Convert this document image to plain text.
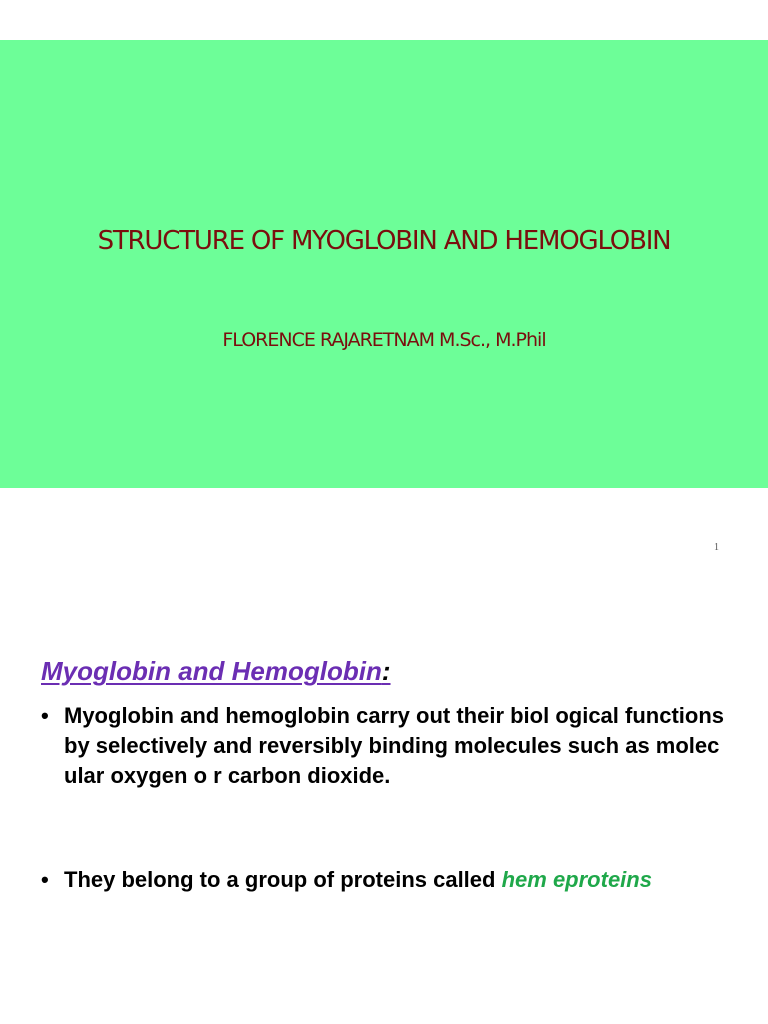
STRUCTURE OF MYOGLOBIN AND HEMOGLOBIN
FLORENCE RAJARETNAM M.Sc., M.Phil
1
Myoglobin and Hemoglobin:
• Myoglobin and hemoglobin carry out their biol ogical functions by selectively and reversibly binding molecules such as molecular oxygen o r carbon dioxide.
• They belong to a group of proteins called hem eproteins
